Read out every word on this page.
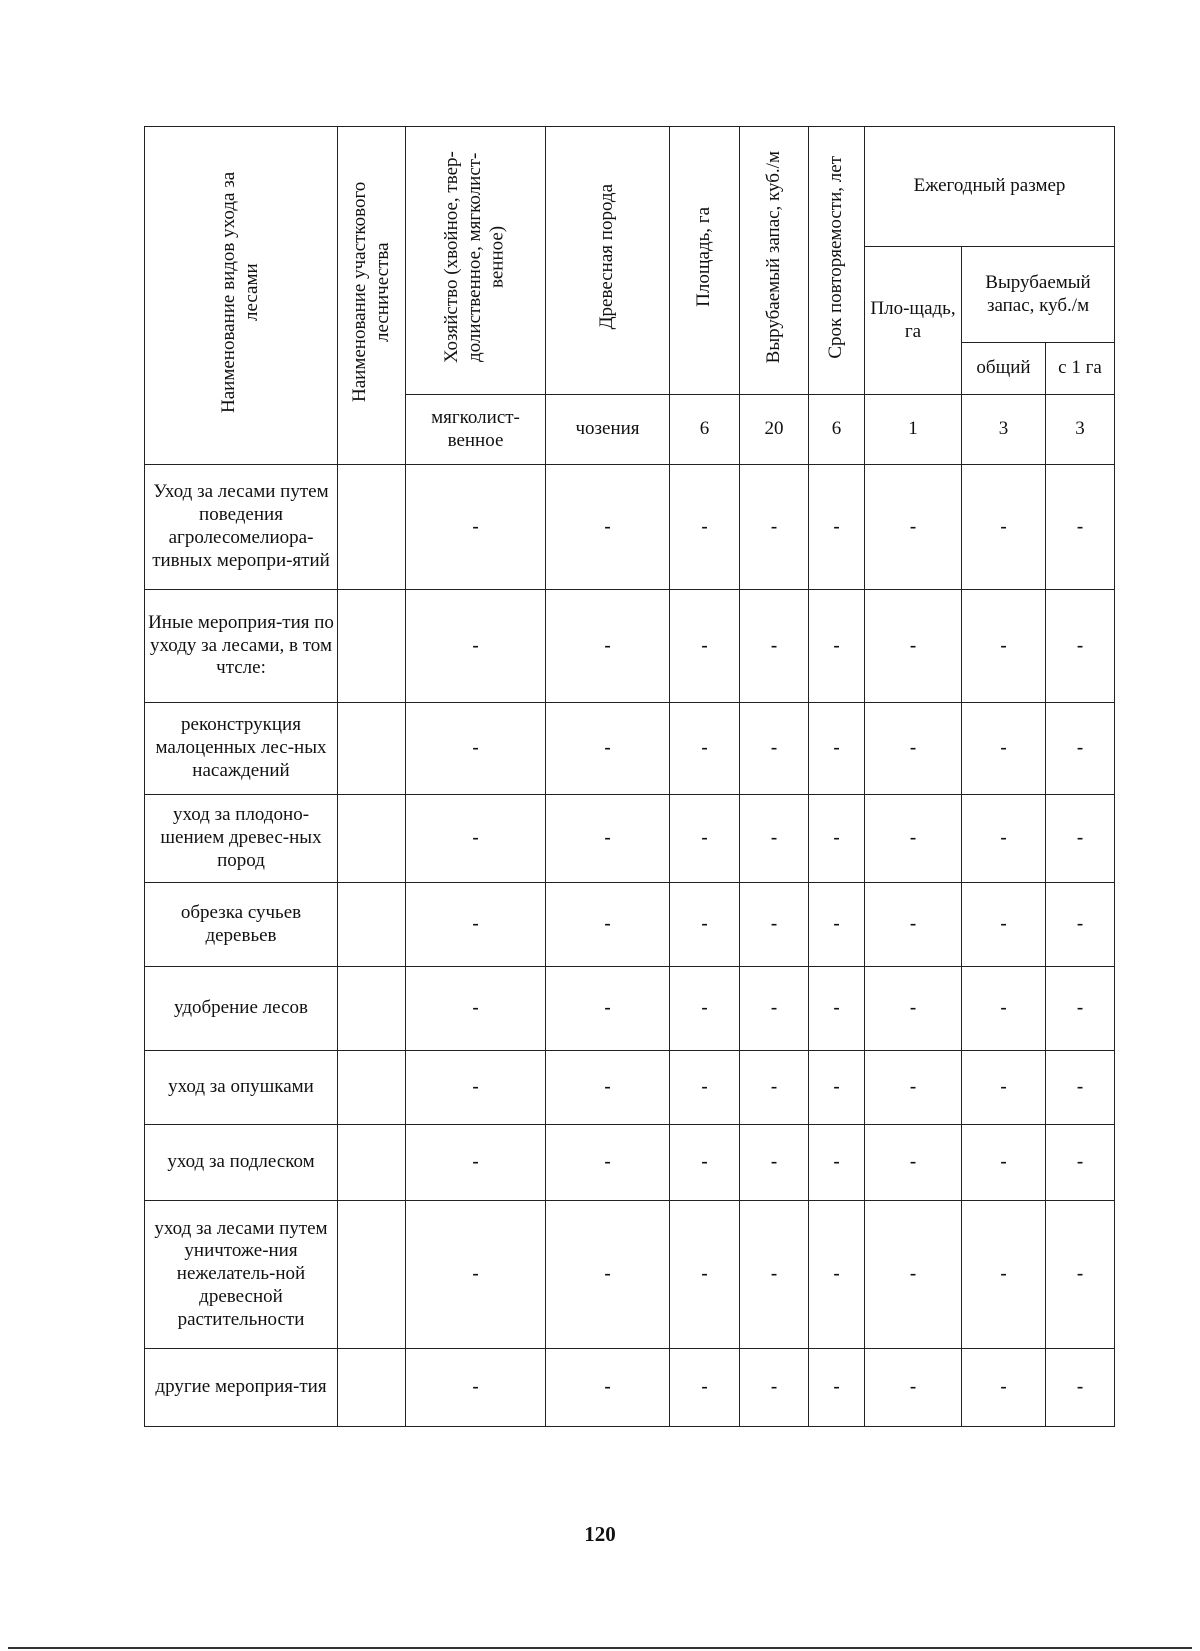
Наименование видов ухода за лесами	Наименование участкового лесничества	Хозяйство (хвойное, твер-долиственное, мягколист-венное)	Древесная порода	Площадь, га	Вырубаемый запас, куб./м	Срок повторяемости, лет	Ежегодный размер		
							Пло-щадь, га	Вырубаемый запас, куб./м	
								общий	с 1 га
		мягколист-венное	чозения	6	20	6	1	3	3
Уход за лесами путем поведения агролесомелиора-тивных меропри-ятий		-	-	-	-	-	-	-	-
Иные мероприя-тия по уходу за лесами, в том чтсле:		-	-	-	-	-	-	-	-
реконструкция малоценных лес-ных насаждений		-	-	-	-	-	-	-	-
уход за плодоно-шением древес-ных пород		-	-	-	-	-	-	-	-
обрезка сучьев деревьев		-	-	-	-	-	-	-	-
удобрение лесов		-	-	-	-	-	-	-	-
уход за опушками		-	-	-	-	-	-	-	-
уход за подлеском		-	-	-	-	-	-	-	-
уход за лесами путем уничтоже-ния нежелатель-ной древесной растительности		-	-	-	-	-	-	-	-
другие мероприя-тия		-	-	-	-	-	-	-	-
120
